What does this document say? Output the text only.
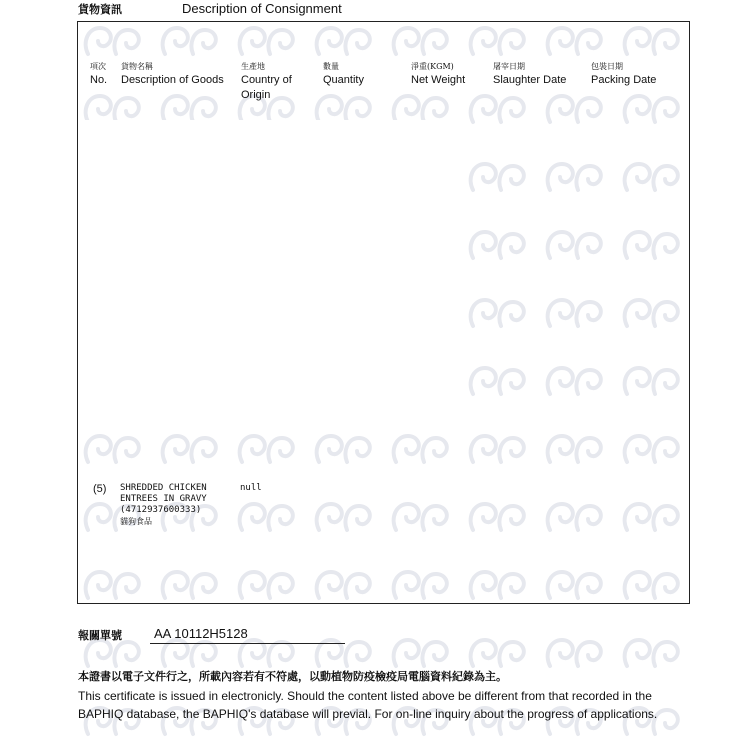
貨物資訊	Description of Consignment
項次
No.
貨物名稱
Description of Goods
生產地
Country of Origin
數量
Quantity
淨重(KGM)
Net Weight
屠宰日期
Slaughter Date
包裝日期
Packing Date
(5) SHREDDED CHICKEN
ENTREES IN GRAVY
(4712937600333)
貓狗食品
null
報關單號 AA 10112H5128
本證書以電子文件行之，所載內容若有不符處，以動植物防疫檢疫局電腦資料紀錄為主。
This certificate is issued in electronicly. Should the content listed above be different from that recorded in the BAPHIQ database, the BAPHIQ's database will previal. For on-line inquiry about the progress of applications.
